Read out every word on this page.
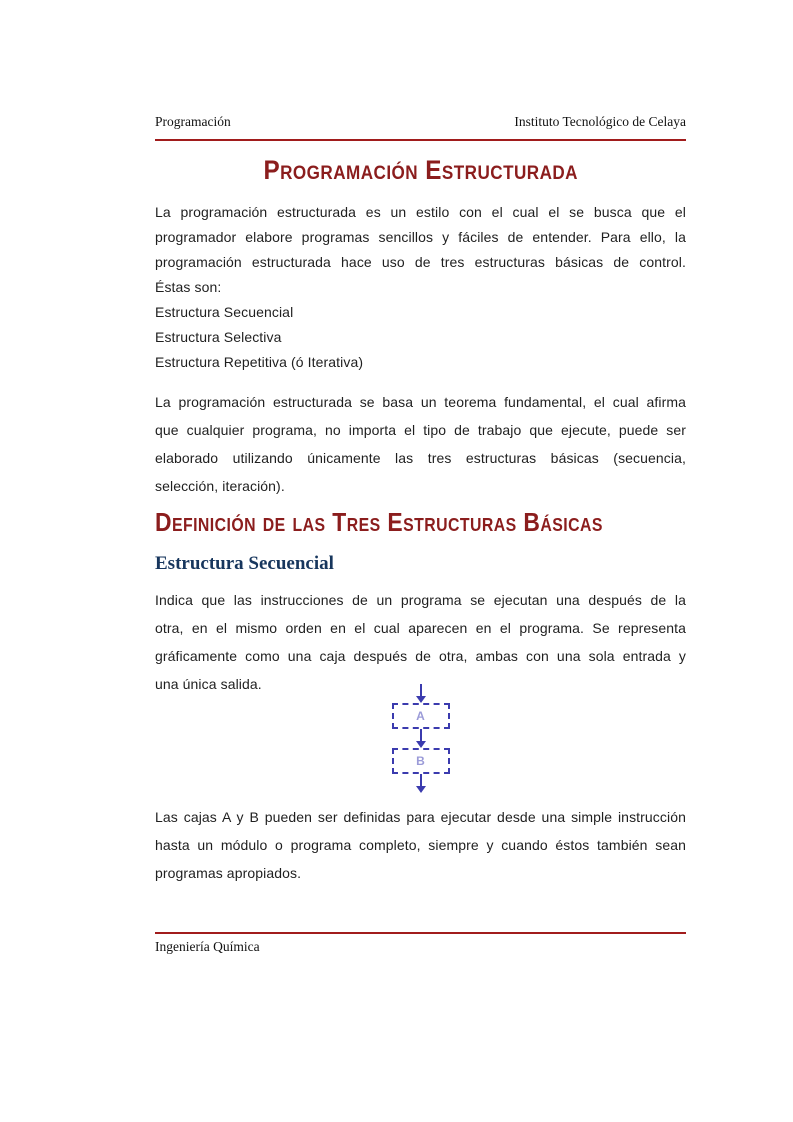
Programación	Instituto Tecnológico de Celaya
Programación Estructurada
La programación estructurada es un estilo con el cual el se busca que el
programador elabore programas sencillos y fáciles de entender. Para ello, la
programación estructurada hace uso de tres estructuras básicas de control.
Éstas son:
Estructura Secuencial
Estructura Selectiva
Estructura Repetitiva (ó Iterativa)
La programación estructurada se basa un teorema fundamental, el cual afirma
que cualquier programa, no importa el tipo de trabajo que ejecute, puede ser
elaborado utilizando únicamente las tres estructuras básicas (secuencia,
selección, iteración).
Definición de las Tres Estructuras Básicas
Estructura Secuencial
Indica que las instrucciones de un programa se ejecutan una después de la
otra, en el mismo orden en el cual aparecen en el programa. Se representa
gráficamente como una caja después de otra, ambas con una sola entrada y
una única salida.
A
B
Las cajas A y B pueden ser definidas para ejecutar desde una simple instrucción
hasta un módulo o programa completo, siempre y cuando éstos también sean
programas apropiados.
Ingeniería Química
